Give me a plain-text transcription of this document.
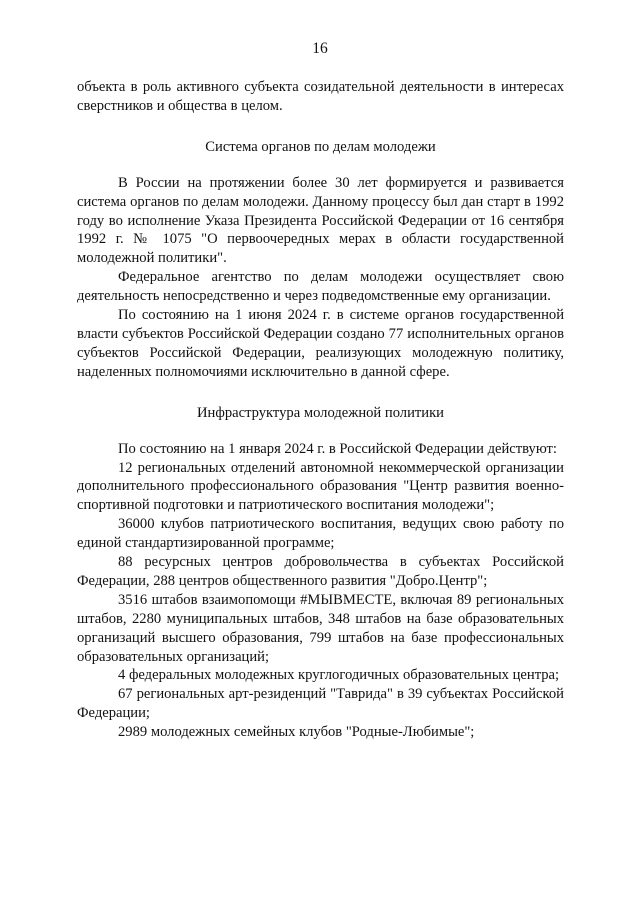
16

объекта в роль активного субъекта созидательной деятельности в интересах сверстников и общества в целом.

Система органов по делам молодежи

В России на протяжении более 30 лет формируется и развивается система органов по делам молодежи. Данному процессу был дан старт в 1992 году во исполнение Указа Президента Российской Федерации от 16 сентября 1992 г. № 1075 "О первоочередных мерах в области государственной молодежной политики".

Федеральное агентство по делам молодежи осуществляет свою деятельность непосредственно и через подведомственные ему организации.

По состоянию на 1 июня 2024 г. в системе органов государственной власти субъектов Российской Федерации создано 77 исполнительных органов субъектов Российской Федерации, реализующих молодежную политику, наделенных полномочиями исключительно в данной сфере.

Инфраструктура молодежной политики

По состоянию на 1 января 2024 г. в Российской Федерации действуют:

12 региональных отделений автономной некоммерческой организации дополнительного профессионального образования "Центр развития военно-спортивной подготовки и патриотического воспитания молодежи";

36000 клубов патриотического воспитания, ведущих свою работу по единой стандартизированной программе;

88 ресурсных центров добровольчества в субъектах Российской Федерации, 288 центров общественного развития "Добро.Центр";

3516 штабов взаимопомощи #МЫВМЕСТЕ, включая 89 региональных штабов, 2280 муниципальных штабов, 348 штабов на базе образовательных организаций высшего образования, 799 штабов на базе профессиональных образовательных организаций;

4 федеральных молодежных круглогодичных образовательных центра;

67 региональных арт-резиденций "Таврида" в 39 субъектах Российской Федерации;

2989 молодежных семейных клубов "Родные-Любимые";
